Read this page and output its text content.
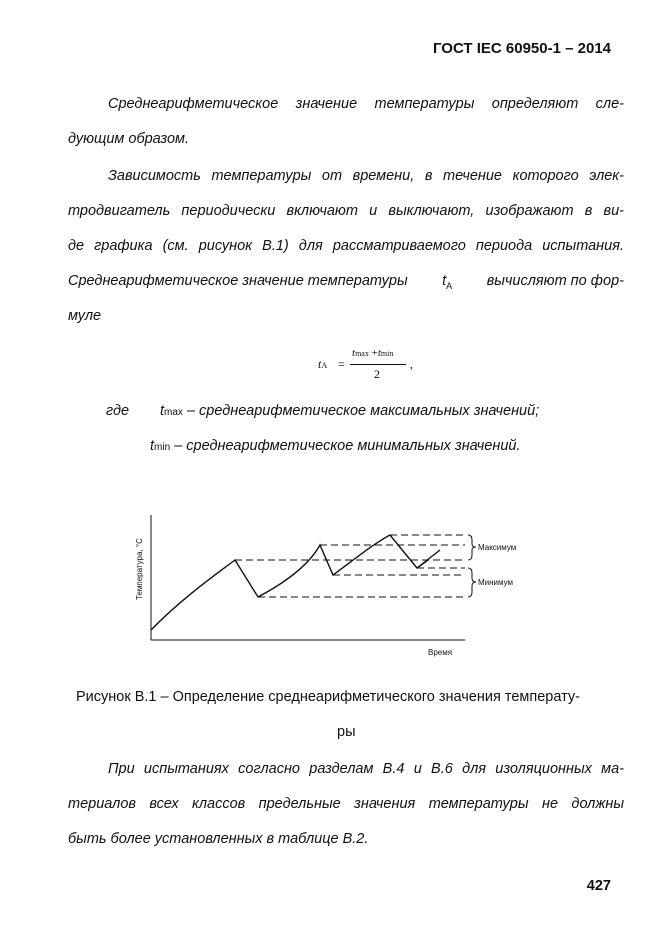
ГОСТ IEC 60950-1 – 2014
Среднеарифметическое значение температуры определяют сле-
дующим образом.
Зависимость температуры от времени, в течение которого элек-
тродвигатель периодически включают и выключают, изображают в ви-
де графика (см. рисунок В.1) для рассматриваемого периода испытания.
Среднеарифметическое значение температуры $t_A$ вычисляют по фор-
муле
tA =
tmax +tmin
2
,
где tmax – среднеарифметическое максимальных значений;
tmin – среднеарифметическое минимальных значений.
Максимум
Минимум
Время
Температура, °C
Рисунок В.1 – Определение среднеарифметического значения температу-
ры
При испытаниях согласно разделам В.4 и В.6 для изоляционных ма-
териалов всех классов предельные значения температуры не должны
быть более установленных в таблице В.2.
427
